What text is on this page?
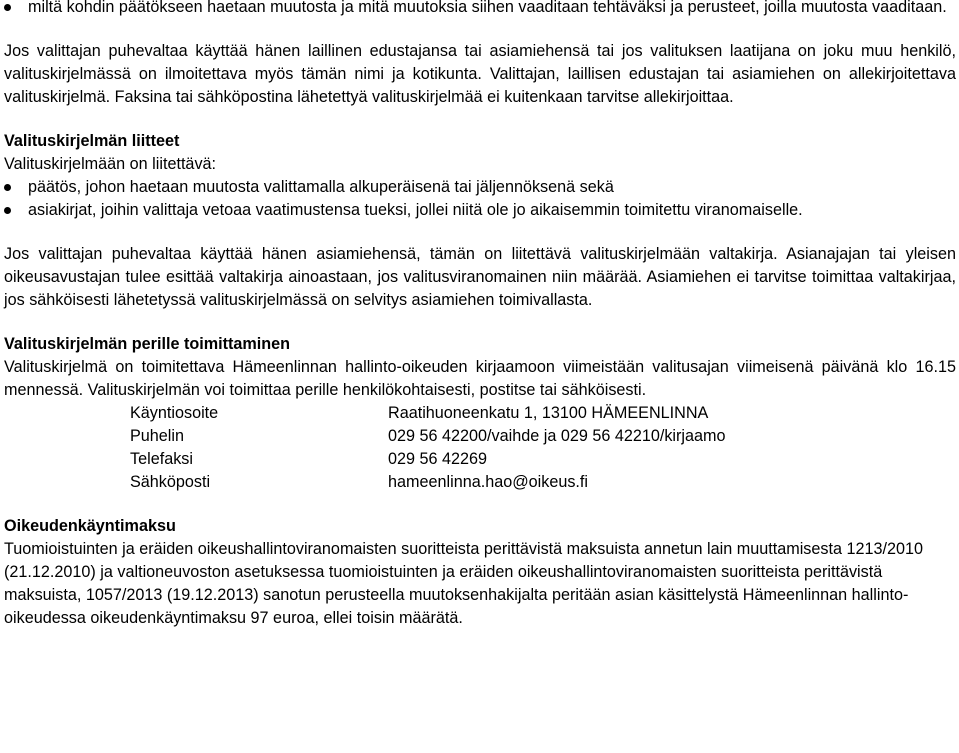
miltä kohdin päätökseen haetaan muutosta ja mitä muutoksia siihen vaaditaan tehtäväksi ja perusteet, joilla muutosta vaaditaan.

Jos valittajan puhevaltaa käyttää hänen laillinen edustajansa tai asiamiehensä tai jos valituksen laatijana on joku muu henkilö, valituskirjelmässä on ilmoitettava myös tämän nimi ja kotikunta. Valittajan, laillisen edustajan tai asiamiehen on allekirjoitettava valituskirjelmä. Faksina tai sähköpostina lähetettyä valituskirjelmää ei kuitenkaan tarvitse allekirjoittaa.

Valituskirjelmän liitteet

Valituskirjelmään on liitettävä:

päätös, johon haetaan muutosta valittamalla alkuperäisenä tai jäljennöksenä sekä
asiakirjat, joihin valittaja vetoaa vaatimustensa tueksi, jollei niitä ole jo aikaisemmin toimitettu viranomaiselle.

Jos valittajan puhevaltaa käyttää hänen asiamiehensä, tämän on liitettävä valituskirjelmään valtakirja. Asianajajan tai yleisen oikeusavustajan tulee esittää valtakirja ainoastaan, jos valitusviranomainen niin määrää. Asiamiehen ei tarvitse toimittaa valtakirjaa, jos sähköisesti lähetetyssä valituskirjelmässä on selvitys asiamiehen toimivallasta.

Valituskirjelmän perille toimittaminen

Valituskirjelmä on toimitettava Hämeenlinnan hallinto-oikeuden kirjaamoon viimeistään valitusajan viimeisenä päivänä klo 16.15 mennessä. Valituskirjelmän voi toimittaa perille henkilökohtaisesti, postitse tai sähköisesti.

Käyntiosoite	Raatihuoneenkatu 1, 13100 HÄMEENLINNA
Puhelin	029 56 42200/vaihde ja 029 56 42210/kirjaamo
Telefaksi	029 56 42269
Sähköposti	hameenlinna.hao@oikeus.fi

Oikeudenkäyntimaksu

Tuomioistuinten ja eräiden oikeushallintoviranomaisten suoritteista perittävistä maksuista annetun lain muuttamisesta 1213/2010 (21.12.2010) ja valtioneuvoston asetuksessa tuomioistuinten ja eräiden oikeushallintoviranomaisten suoritteista perittävistä maksuista, 1057/2013 (19.12.2013) sanotun perusteella muutoksenhakijalta peritään asian käsittelystä Hämeenlinnan hallinto-oikeudessa oikeudenkäyntimaksu 97 euroa, ellei toisin määrätä.
